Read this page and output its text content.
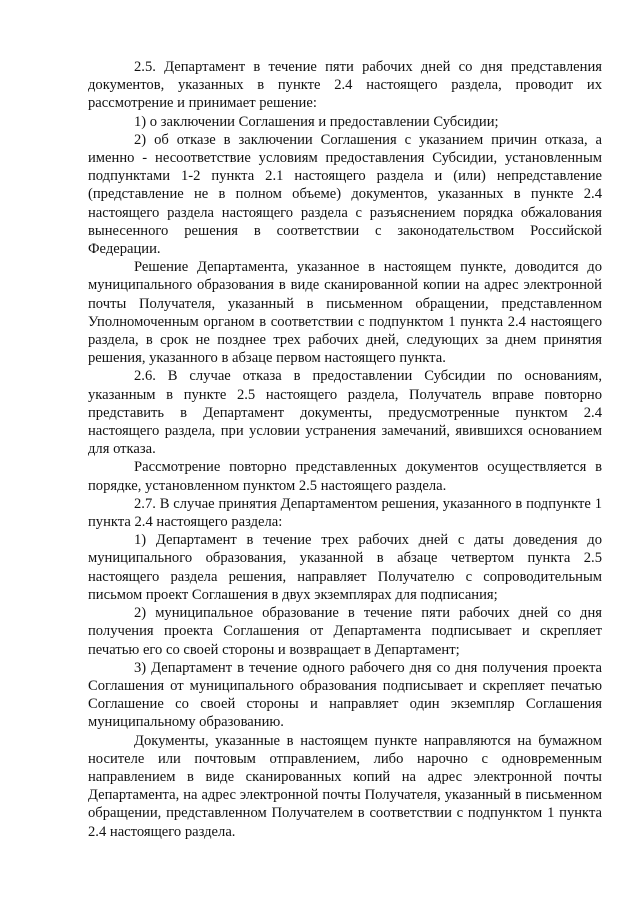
2.5. Департамент в течение пяти рабочих дней со дня представления документов, указанных в пункте 2.4 настоящего раздела, проводит их рассмотрение и принимает решение:

1) о заключении Соглашения и предоставлении Субсидии;

2) об отказе в заключении Соглашения с указанием причин отказа, а именно - несоответствие условиям предоставления Субсидии, установленным подпунктами 1-2 пункта 2.1 настоящего раздела и (или) непредставление (представление не в полном объеме) документов, указанных в пункте 2.4 настоящего раздела настоящего раздела с разъяснением порядка обжалования вынесенного решения в соответствии с законодательством Российской Федерации.

Решение Департамента, указанное в настоящем пункте, доводится до муниципального образования в виде сканированной копии на адрес электронной почты Получателя, указанный в письменном обращении, представленном Уполномоченным органом в соответствии с подпунктом 1 пункта 2.4 настоящего раздела, в срок не позднее трех рабочих дней, следующих за днем принятия решения, указанного в абзаце первом настоящего пункта.

2.6. В случае отказа в предоставлении Субсидии по основаниям, указанным в пункте 2.5 настоящего раздела, Получатель вправе повторно представить в Департамент документы, предусмотренные пунктом 2.4 настоящего раздела, при условии устранения замечаний, явившихся основанием для отказа.

Рассмотрение повторно представленных документов осуществляется в порядке, установленном пунктом 2.5 настоящего раздела.

2.7. В случае принятия Департаментом решения, указанного в подпункте 1 пункта 2.4 настоящего раздела:

1) Департамент в течение трех рабочих дней с даты доведения до муниципального образования, указанной в абзаце четвертом пункта 2.5 настоящего раздела решения, направляет Получателю с сопроводительным письмом проект Соглашения в двух экземплярах для подписания;

2) муниципальное образование в течение пяти рабочих дней со дня получения проекта Соглашения от Департамента подписывает и скрепляет печатью его со своей стороны и возвращает в Департамент;

3) Департамент в течение одного рабочего дня со дня получения проекта Соглашения от муниципального образования подписывает и скрепляет печатью Соглашение со своей стороны и направляет один экземпляр Соглашения муниципальному образованию.

Документы, указанные в настоящем пункте направляются на бумажном носителе или почтовым отправлением, либо нарочно с одновременным направлением в виде сканированных копий на адрес электронной почты Департамента, на адрес электронной почты Получателя, указанный в письменном обращении, представленном Получателем в соответствии с подпунктом 1 пункта 2.4 настоящего раздела.
